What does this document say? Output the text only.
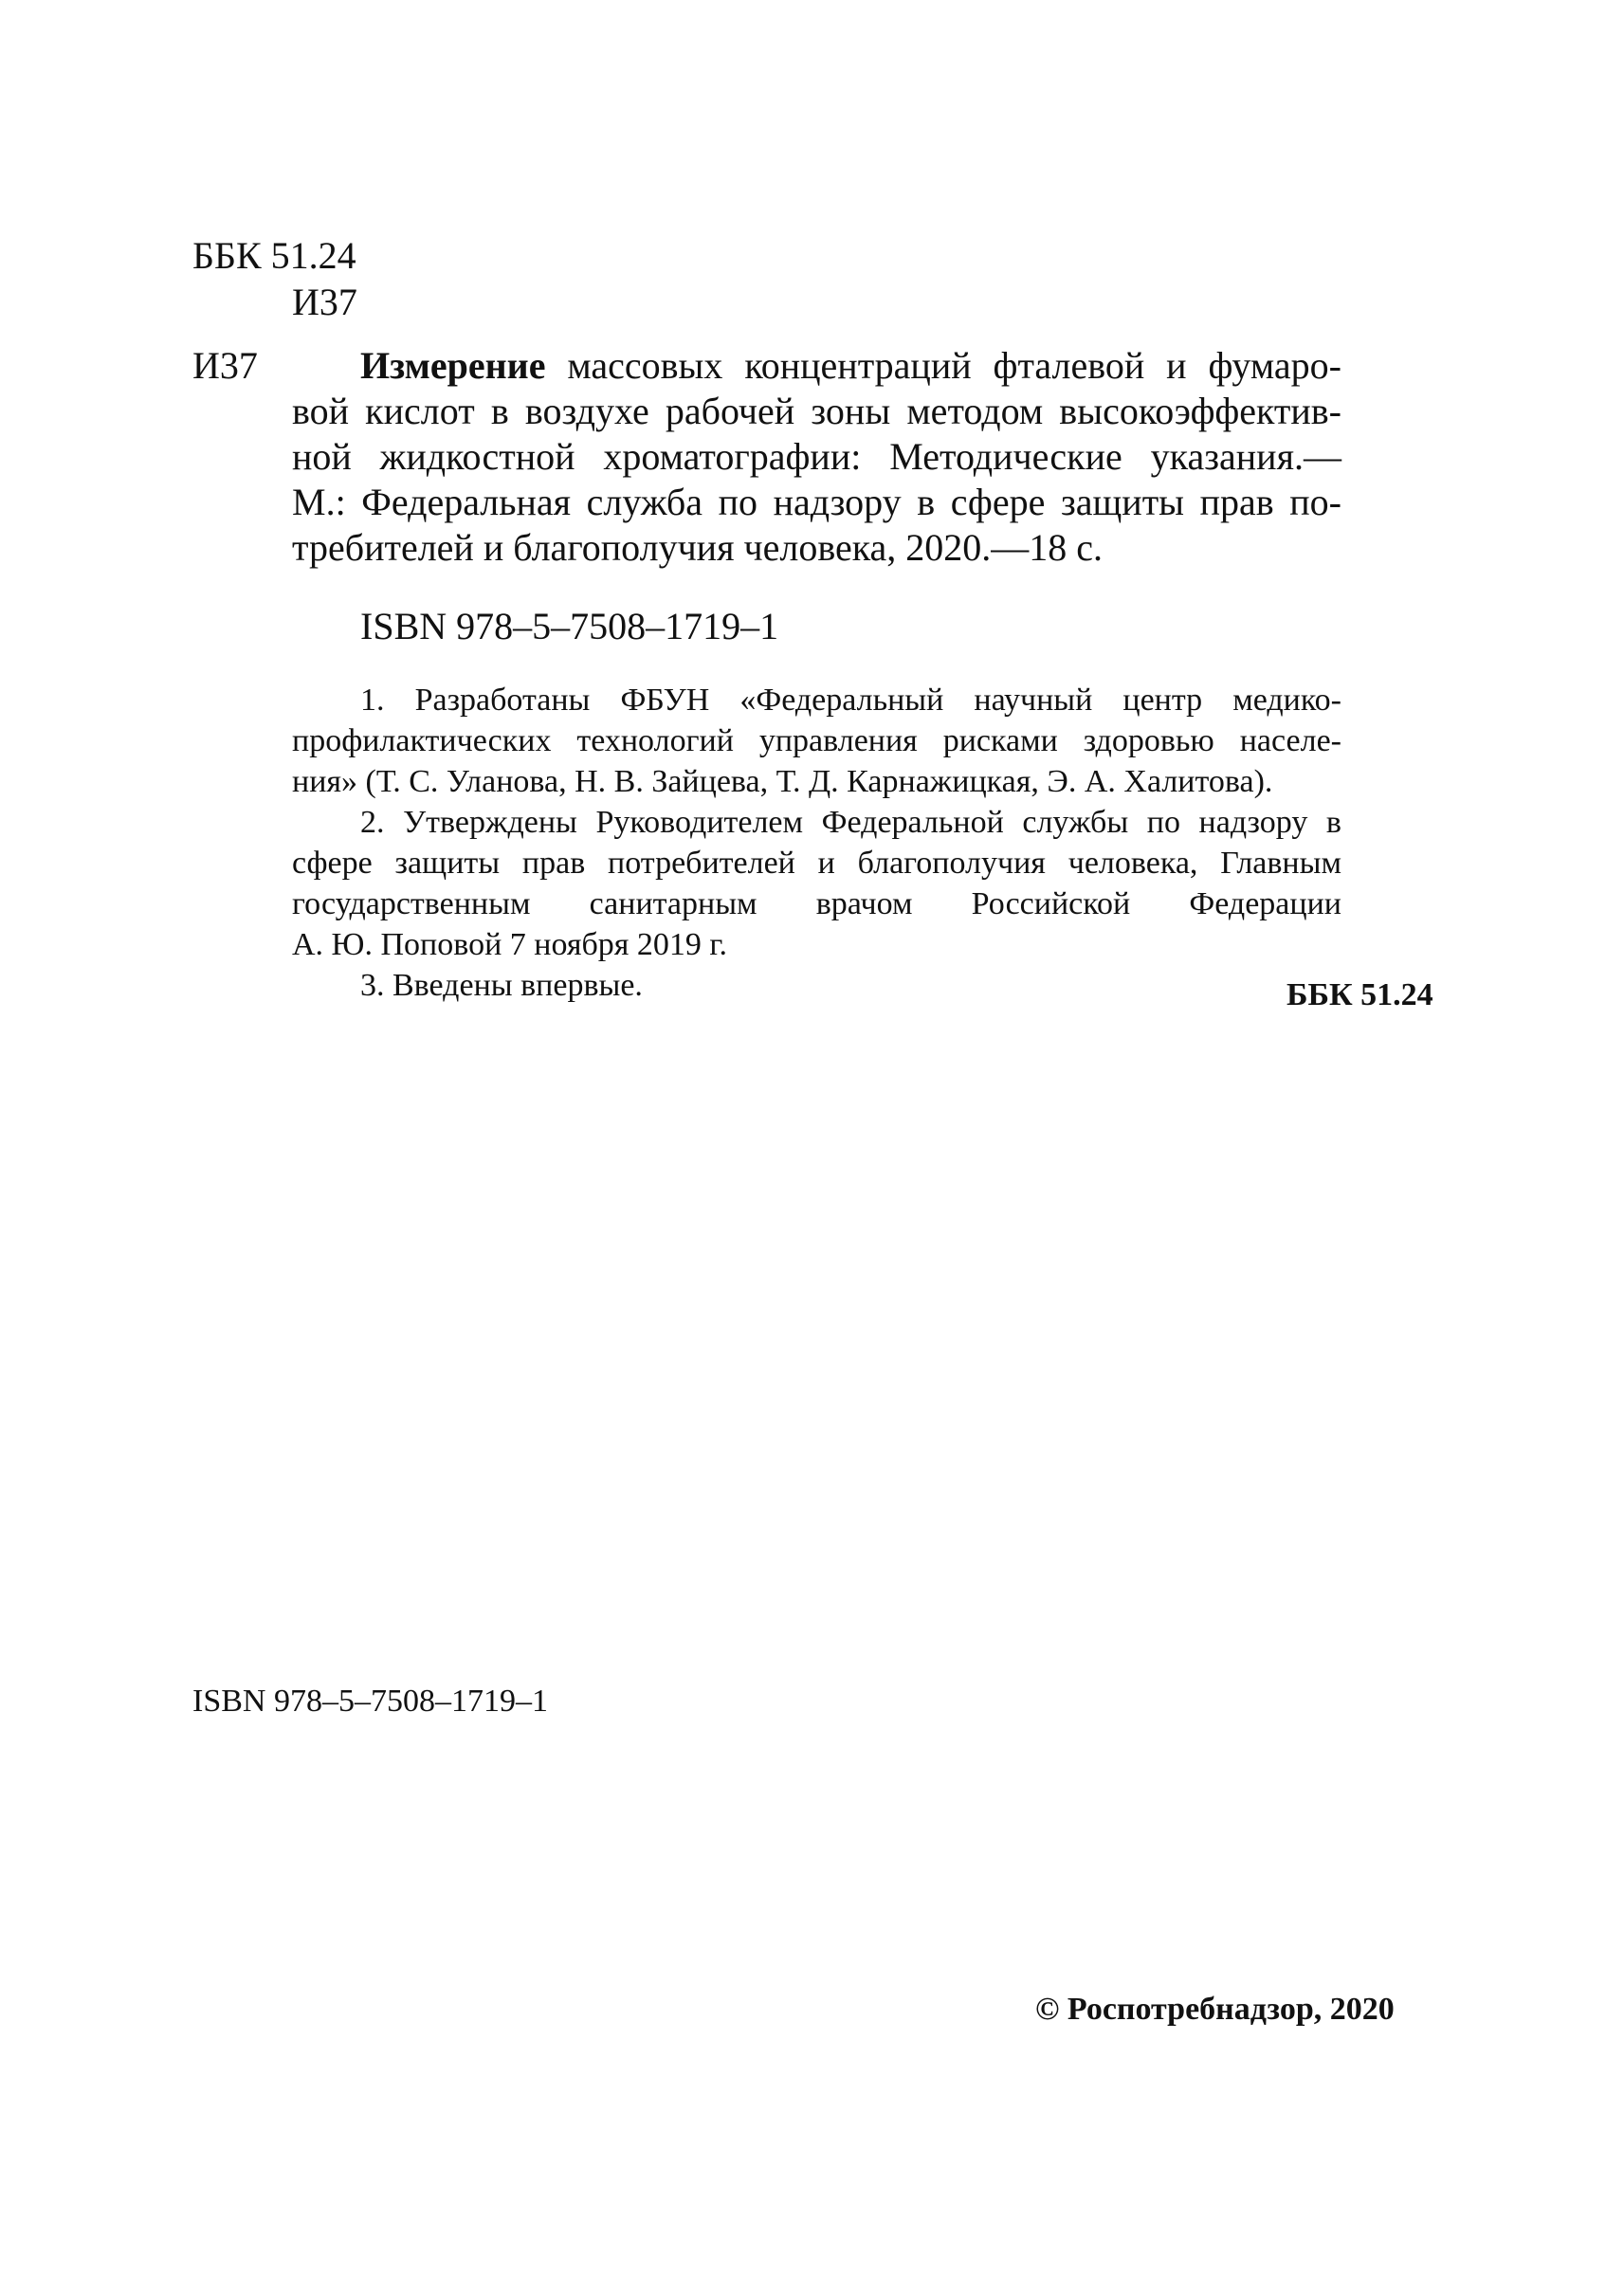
ББК 51.24
И37
И37	Измерение массовых концентраций фталевой и фумаро-
вой кислот в воздухе рабочей зоны методом высокоэффектив-
ной жидкостной хроматографии: Методические указания.—
М.: Федеральная служба по надзору в сфере защиты прав по-
требителей и благополучия человека, 2020.—18 с.
ISBN 978–5–7508–1719–1
1. Разработаны ФБУН «Федеральный научный центр медико-
профилактических технологий управления рисками здоровью населе-
ния» (Т. С. Уланова, Н. В. Зайцева, Т. Д. Карнажицкая, Э. А. Халитова).
2. Утверждены Руководителем Федеральной службы по надзору в
сфере защиты прав потребителей и благополучия человека, Главным
государственным санитарным врачом Российской Федерации
А. Ю. Поповой 7 ноября 2019 г.
3. Введены впервые.	ББК 51.24
ISBN 978–5–7508–1719–1
© Роспотребнадзор, 2020
